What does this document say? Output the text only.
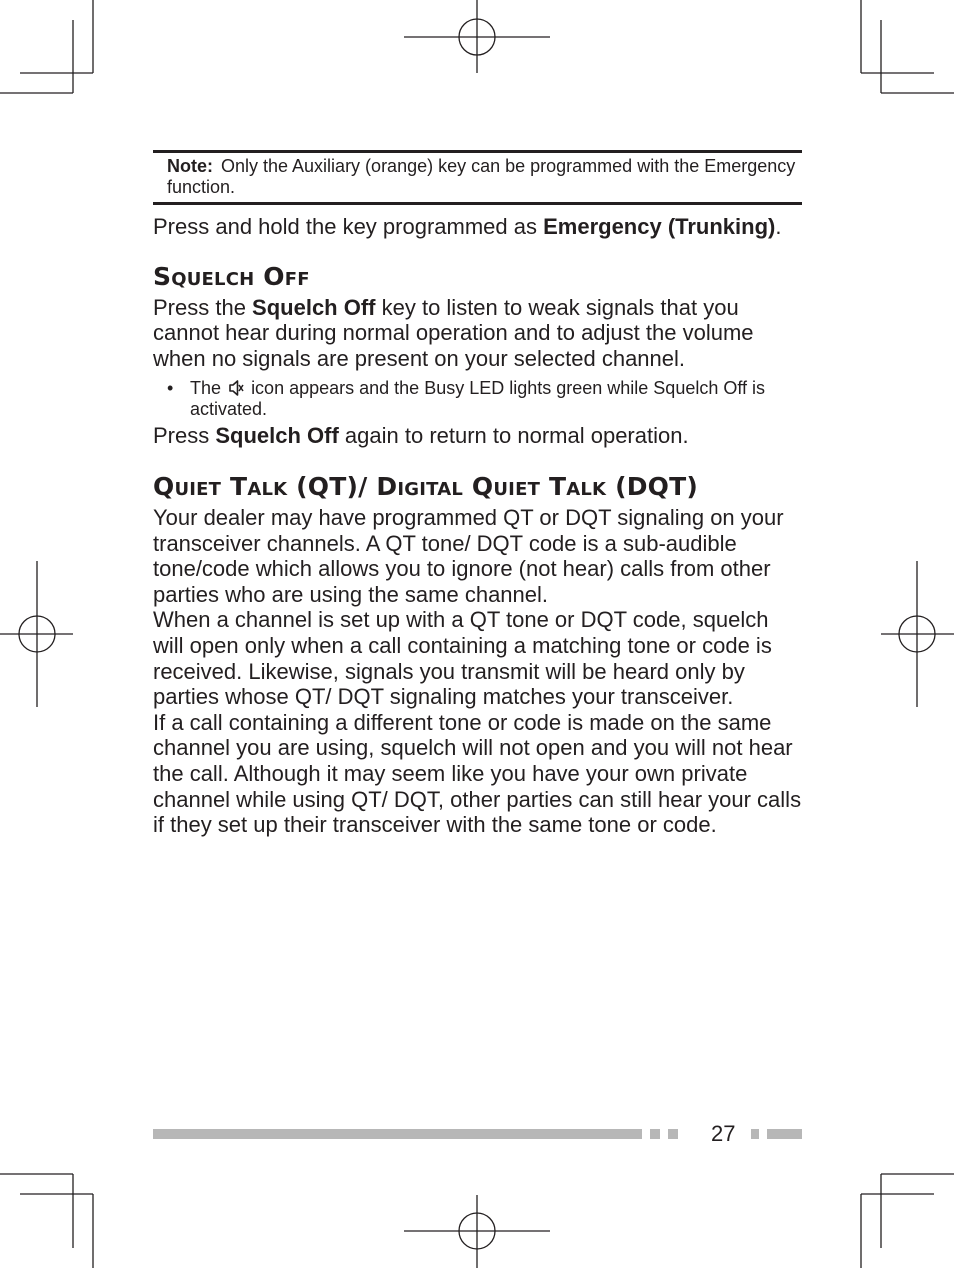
Note: Only the Auxiliary (orange) key can be programmed with the Emergency function.

Press and hold the key programmed as Emergency (Trunking).

SQUELCH OFF

Press the Squelch Off key to listen to weak signals that you cannot hear during normal operation and to adjust the volume when no signals are present on your selected channel.

• The icon appears and the Busy LED lights green while Squelch Off is activated.

Press Squelch Off again to return to normal operation.

QUIET TALK (QT)/ DIGITAL QUIET TALK (DQT)

Your dealer may have programmed QT or DQT signaling on your transceiver channels. A QT tone/ DQT code is a sub-audible tone/code which allows you to ignore (not hear) calls from other parties who are using the same channel.

When a channel is set up with a QT tone or DQT code, squelch will open only when a call containing a matching tone or code is received. Likewise, signals you transmit will be heard only by parties whose QT/ DQT signaling matches your transceiver.

If a call containing a different tone or code is made on the same channel you are using, squelch will not open and you will not hear the call. Although it may seem like you have your own private channel while using QT/ DQT, other parties can still hear your calls if they set up their transceiver with the same tone or code.

27
